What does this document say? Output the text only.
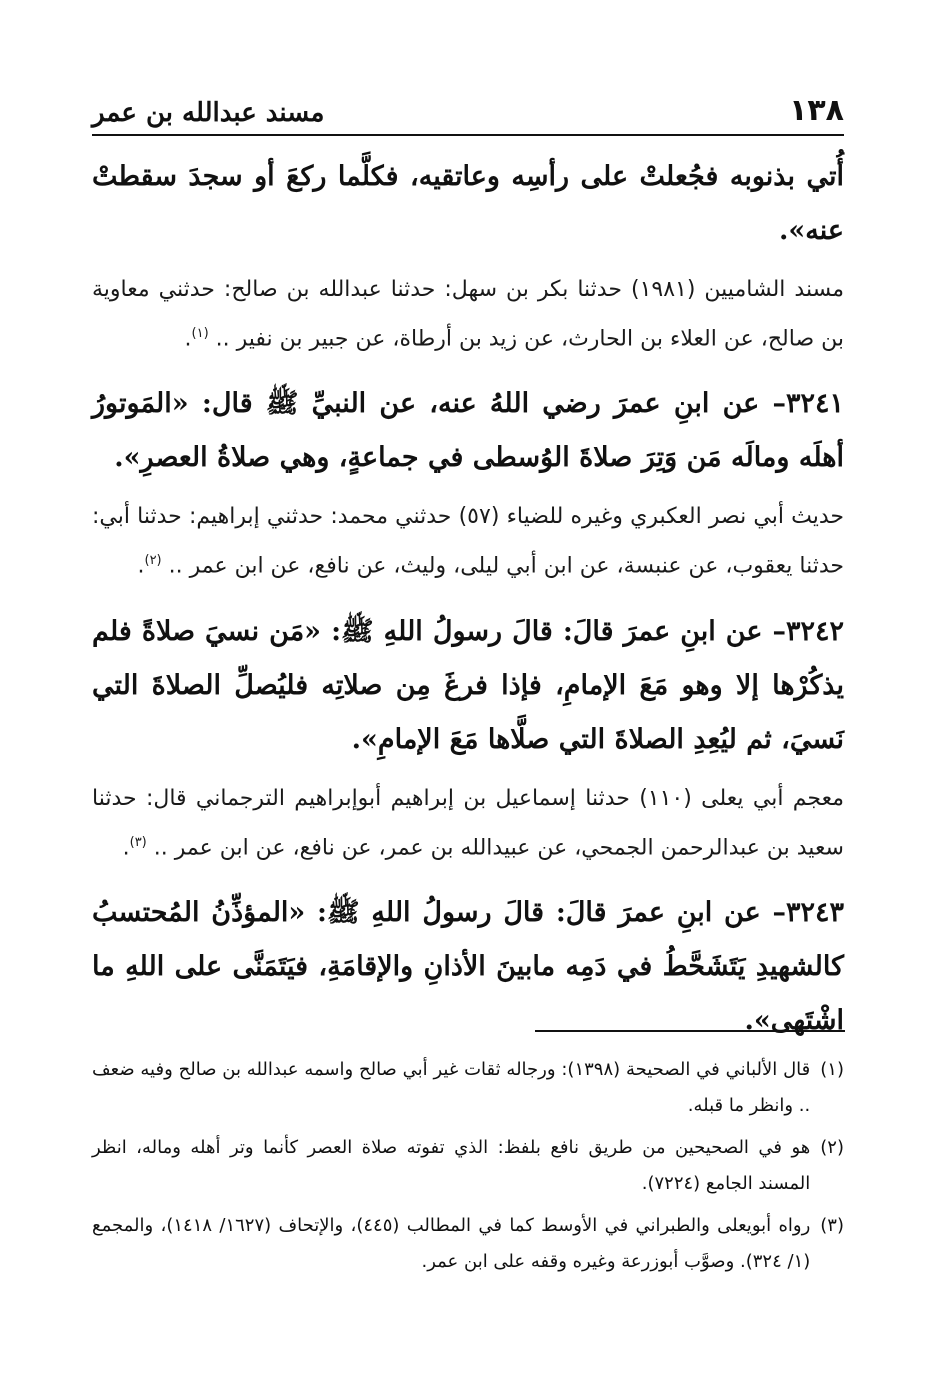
١٣٨
مسند عبدالله بن عمر

أُتي بذنوبه فجُعلتْ على رأسِه وعاتقيه، فكلَّما ركعَ أو سجدَ سقطتْ عنه».

مسند الشاميين (١٩٨١) حدثنا بكر بن سهل: حدثنا عبدالله بن صالح: حدثني معاوية بن صالح، عن العلاء بن الحارث، عن زيد بن أرطاة، عن جبير بن نفير .. $^{(١)}$.

٣٢٤١– عن ابنِ عمرَ رضي اللهُ عنه، عن النبيِّ ﷺ قال: «المَوتورُ أهلَه ومالَه مَن وَتِرَ صلاةَ الوُسطى في جماعةٍ، وهي صلاةُ العصرِ».

حديث أبي نصر العكبري وغيره للضياء (٥٧) حدثني محمد: حدثني إبراهيم: حدثنا أبي: حدثنا يعقوب، عن عنبسة، عن ابن أبي ليلى، وليث، عن نافع، عن ابن عمر .. $^{(٢)}$.

٣٢٤٢– عن ابنِ عمرَ قالَ: قالَ رسولُ اللهِ ﷺ: «مَن نسيَ صلاةً فلم يذكُرْها إلا وهو مَعَ الإمامِ، فإذا فرغَ مِن صلاتِه فليُصلِّ الصلاةَ التي نَسيَ، ثم ليُعِدِ الصلاةَ التي صلَّاها مَعَ الإمامِ».

معجم أبي يعلى (١١٠) حدثنا إسماعيل بن إبراهيم أبوإبراهيم الترجماني قال: حدثنا سعيد بن عبدالرحمن الجمحي، عن عبيدالله بن عمر، عن نافع، عن ابن عمر .. $^{(٣)}$.

٣٢٤٣– عن ابنِ عمرَ قالَ: قالَ رسولُ اللهِ ﷺ: «المؤذِّنُ المُحتسبُ كالشهيدِ يَتَشَحَّطُ في دَمِه مابينَ الأذانِ والإقامَةِ، فيَتَمَنَّى على اللهِ ما اشْتَهى».

(١)
قال الألباني في الصحيحة (١٣٩٨): ورجاله ثقات غير أبي صالح واسمه عبدالله بن صالح وفيه ضعف .. وانظر ما قبله.
(٢)
هو في الصحيحين من طريق نافع بلفظ: الذي تفوته صلاة العصر كأنما وتر أهله وماله، انظر المسند الجامع (٧٢٢٤).
(٣)
رواه أبويعلى والطبراني في الأوسط كما في المطالب (٤٤٥)، والإتحاف (١٦٢٧/ ١٤١٨)، والمجمع (١/ ٣٢٤). وصوَّب أبوزرعة وغيره وقفه على ابن عمر.
